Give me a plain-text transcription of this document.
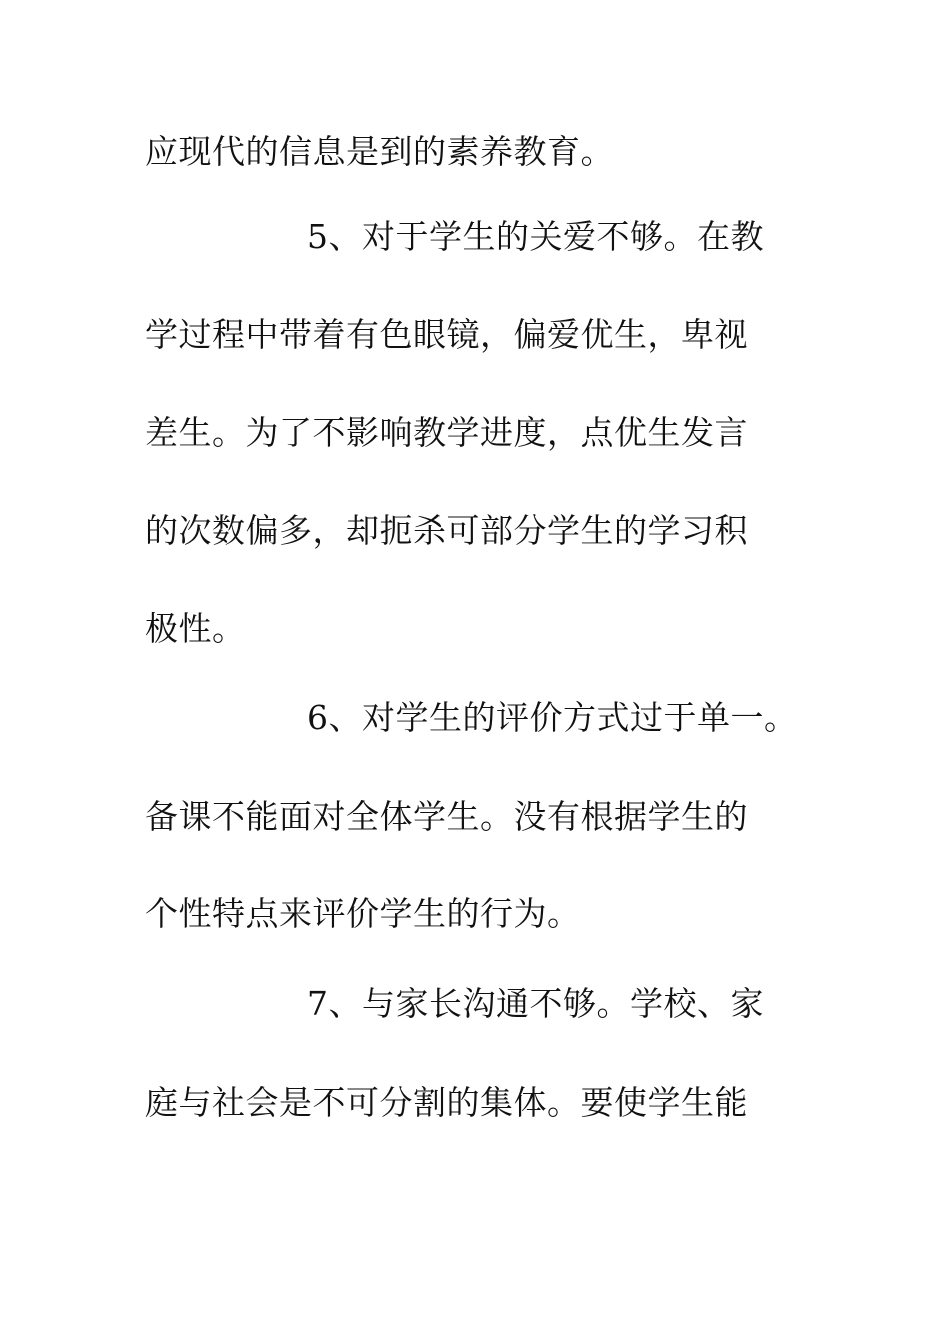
应现代的信息是到的素养教育。
5、对于学生的关爱不够。在教
学过程中带着有色眼镜，偏爱优生，卑视
差生。为了不影响教学进度，点优生发言
的次数偏多，却扼杀可部分学生的学习积
极性。
6、对学生的评价方式过于单一。
备课不能面对全体学生。没有根据学生的
个性特点来评价学生的行为。
7、与家长沟通不够。学校、家
庭与社会是不可分割的集体。要使学生能
